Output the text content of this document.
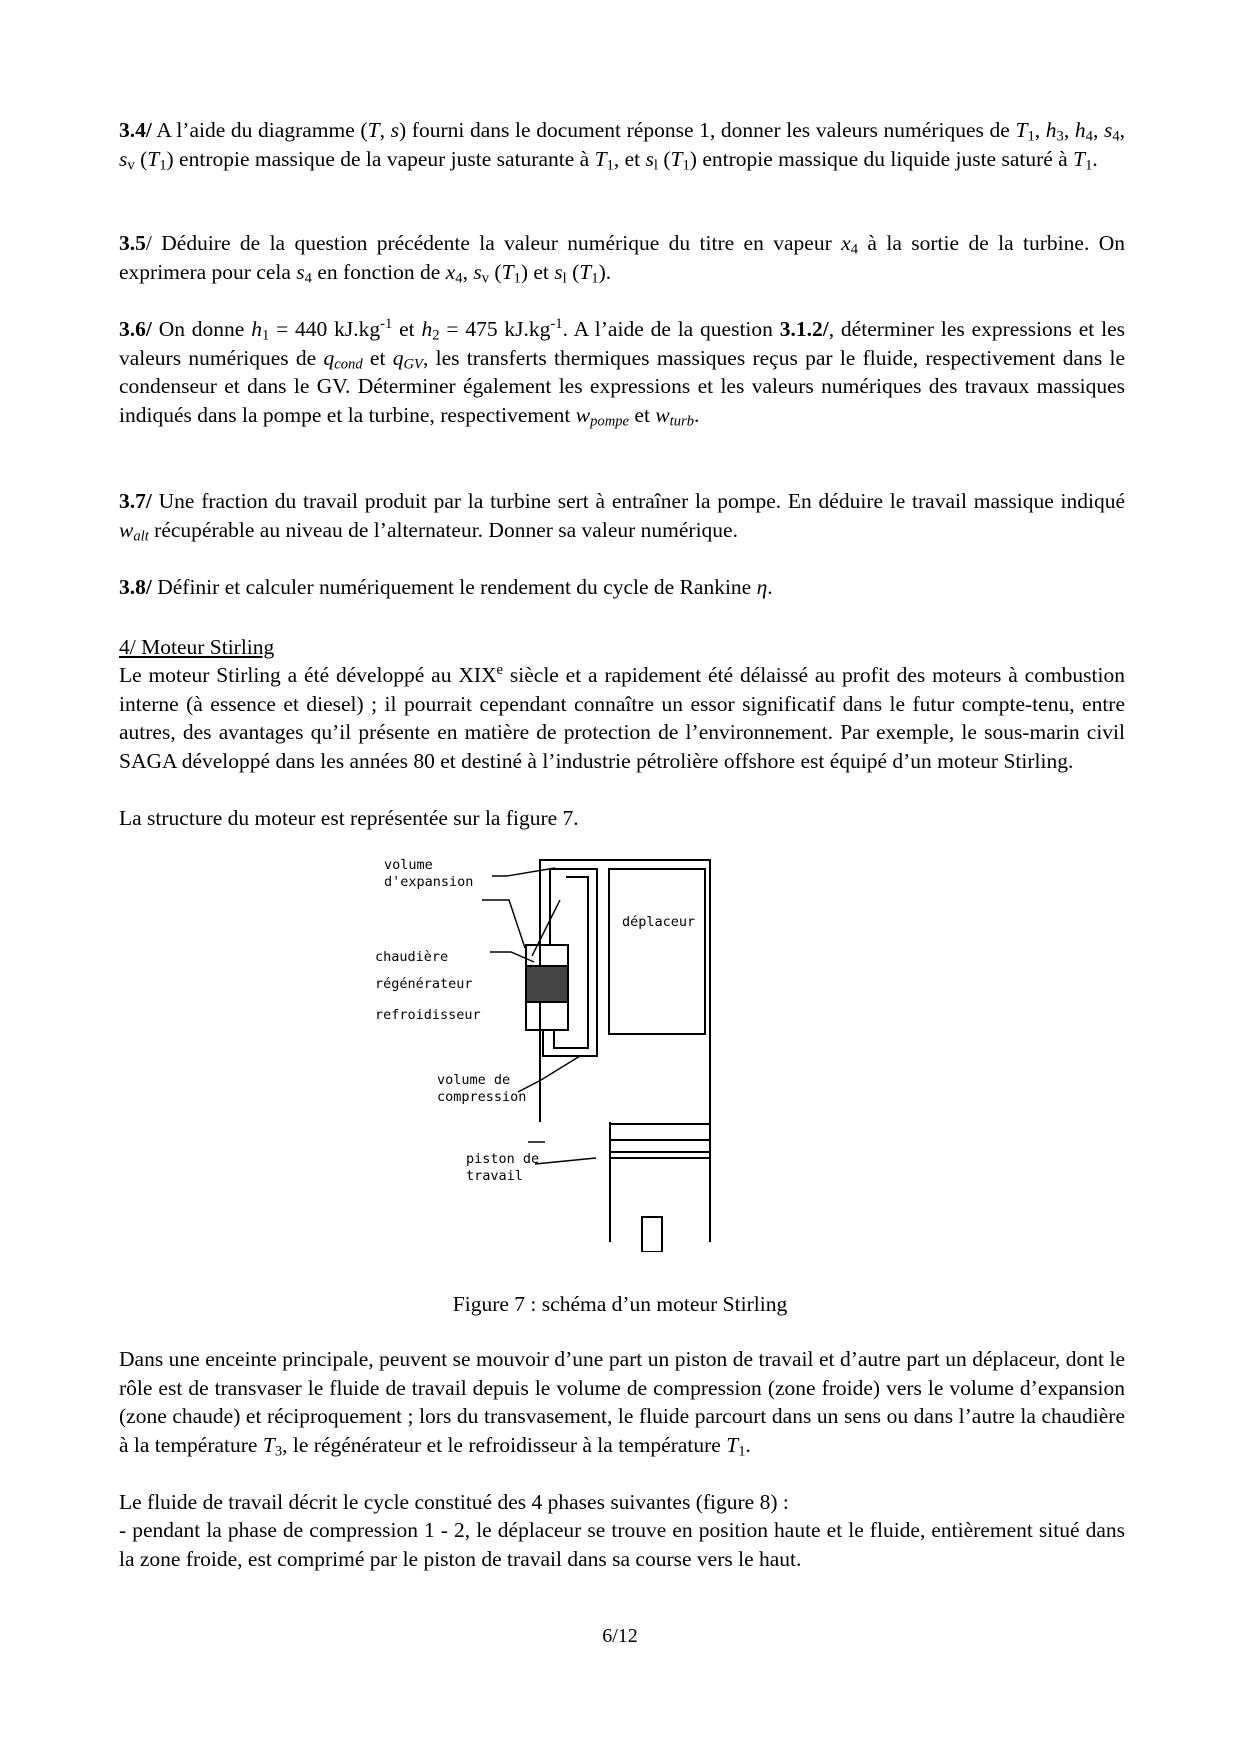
3.4/ A l’aide du diagramme (T, s) fourni dans le document réponse 1, donner les valeurs numériques de $T_1$, $h_3$, $h_4$, $s_4$, $s_v$ $(T_1)$ entropie massique de la vapeur juste saturante à $T_1$, et $s_l$ $(T_1)$ entropie massique du liquide juste saturé à $T_1$.

3.5/ Déduire de la question précédente la valeur numérique du titre en vapeur $x_4$ à la sortie de la turbine. On exprimera pour cela $s_4$ en fonction de $x_4$, $s_v$ $(T_1)$ et $s_l$ $(T_1)$.

3.6/ On donne $h_1 = 440$ $kJ.kg^{-1}$ et $h_2 = 475$ $kJ.kg^{-1}$. A l’aide de la question 3.1.2/, déterminer les expressions et les valeurs numériques de $q_{cond}$ et $q_{GV}$, les transferts thermiques massiques reçus par le fluide, respectivement dans le condenseur et dans le GV. Déterminer également les expressions et les valeurs numériques des travaux massiques indiqués dans la pompe et la turbine, respectivement $w_{pompe}$ et $w_{turb}$.

3.7/ Une fraction du travail produit par la turbine sert à entraîner la pompe. En déduire le travail massique indiqué $w_{alt}$ récupérable au niveau de l’alternateur. Donner sa valeur numérique.

3.8/ Définir et calculer numériquement le rendement du cycle de Rankine η.

4/ Moteur Stirling

Le moteur Stirling a été développé au XIXe siècle et a rapidement été délaissé au profit des moteurs à combustion interne (à essence et diesel) ; il pourrait cependant connaître un essor significatif dans le futur compte-tenu, entre autres, des avantages qu’il présente en matière de protection de l’environnement. Par exemple, le sous-marin civil SAGA développé dans les années 80 et destiné à l’industrie pétrolière offshore est équipé d’un moteur Stirling.

La structure du moteur est représentée sur la figure 7.

volume
d'expansion
déplaceur
chaudière
régénérateur
refroidisseur
volume de
compression
piston de
travail

Figure 7 : schéma d’un moteur Stirling

Dans une enceinte principale, peuvent se mouvoir d’une part un piston de travail et d’autre part un déplaceur, dont le rôle est de transvaser le fluide de travail depuis le volume de compression (zone froide) vers le volume d’expansion (zone chaude) et réciproquement ; lors du transvasement, le fluide parcourt dans un sens ou dans l’autre la chaudière à la température $T_3$, le régénérateur et le refroidisseur à la température $T_1$.

Le fluide de travail décrit le cycle constitué des 4 phases suivantes (figure 8) :

- pendant la phase de compression 1 - 2, le déplaceur se trouve en position haute et le fluide, entièrement situé dans la zone froide, est comprimé par le piston de travail dans sa course vers le haut.

6/12
